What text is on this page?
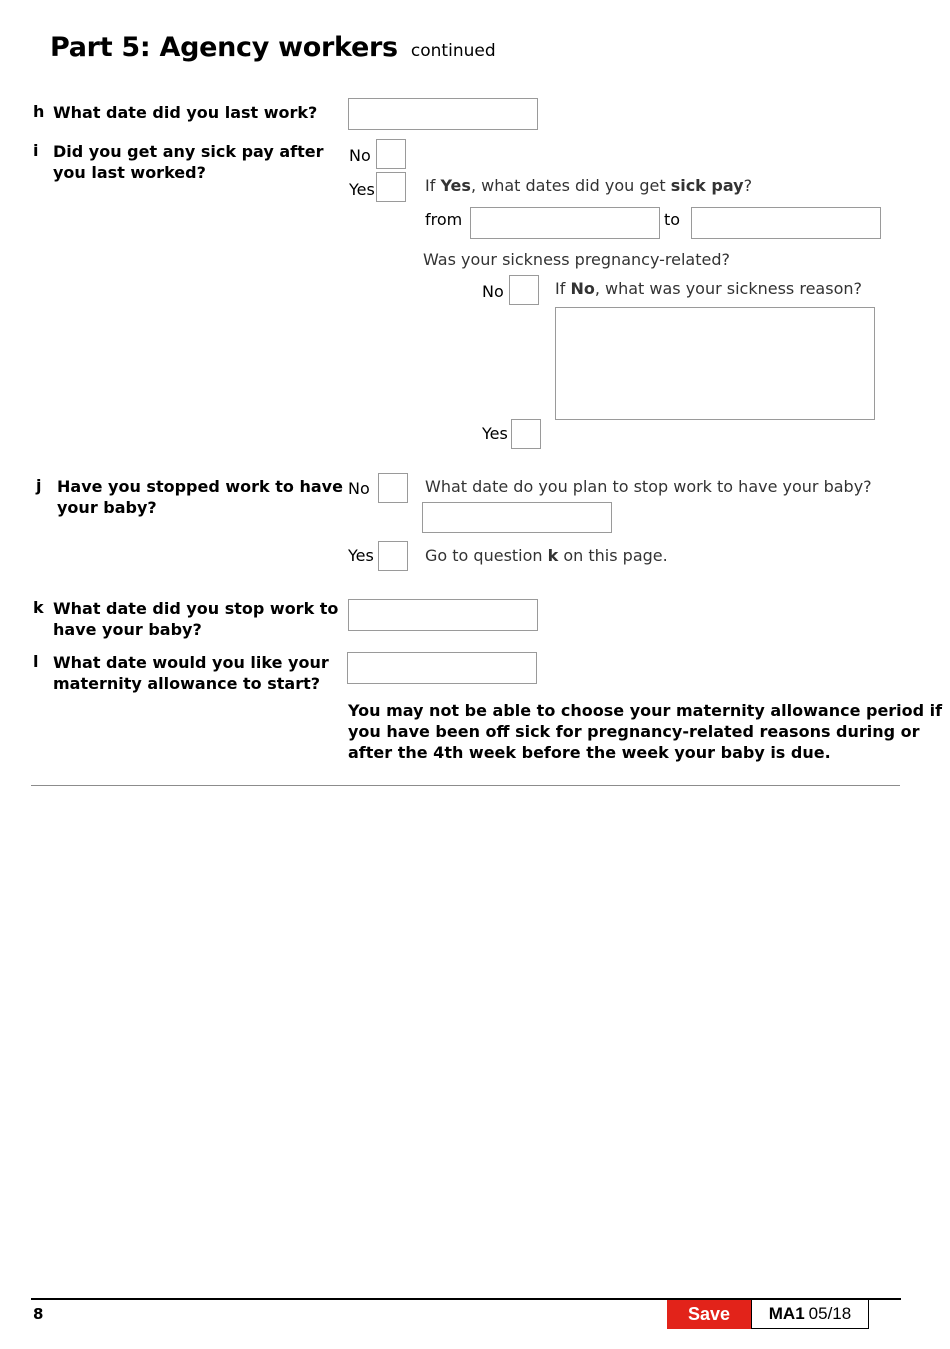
Part 5: Agency workers continued
h What date did you last work?
i Did you get any sick pay after
you last worked?
No
Yes	If Yes, what dates did you get sick pay?
from	to
Was your sickness pregnancy-related?
No	If No, what was your sickness reason?
Yes
j Have you stopped work to have
your baby?
No	What date do you plan to stop work to have your baby?
Yes	Go to question k on this page.
k What date did you stop work to
have your baby?
l What date would you like your
maternity allowance to start?
You may not be able to choose your maternity allowance period if
you have been off sick for pregnancy-related reasons during or
after the 4th week before the week your baby is due.
8	Save	MA1 05/18
